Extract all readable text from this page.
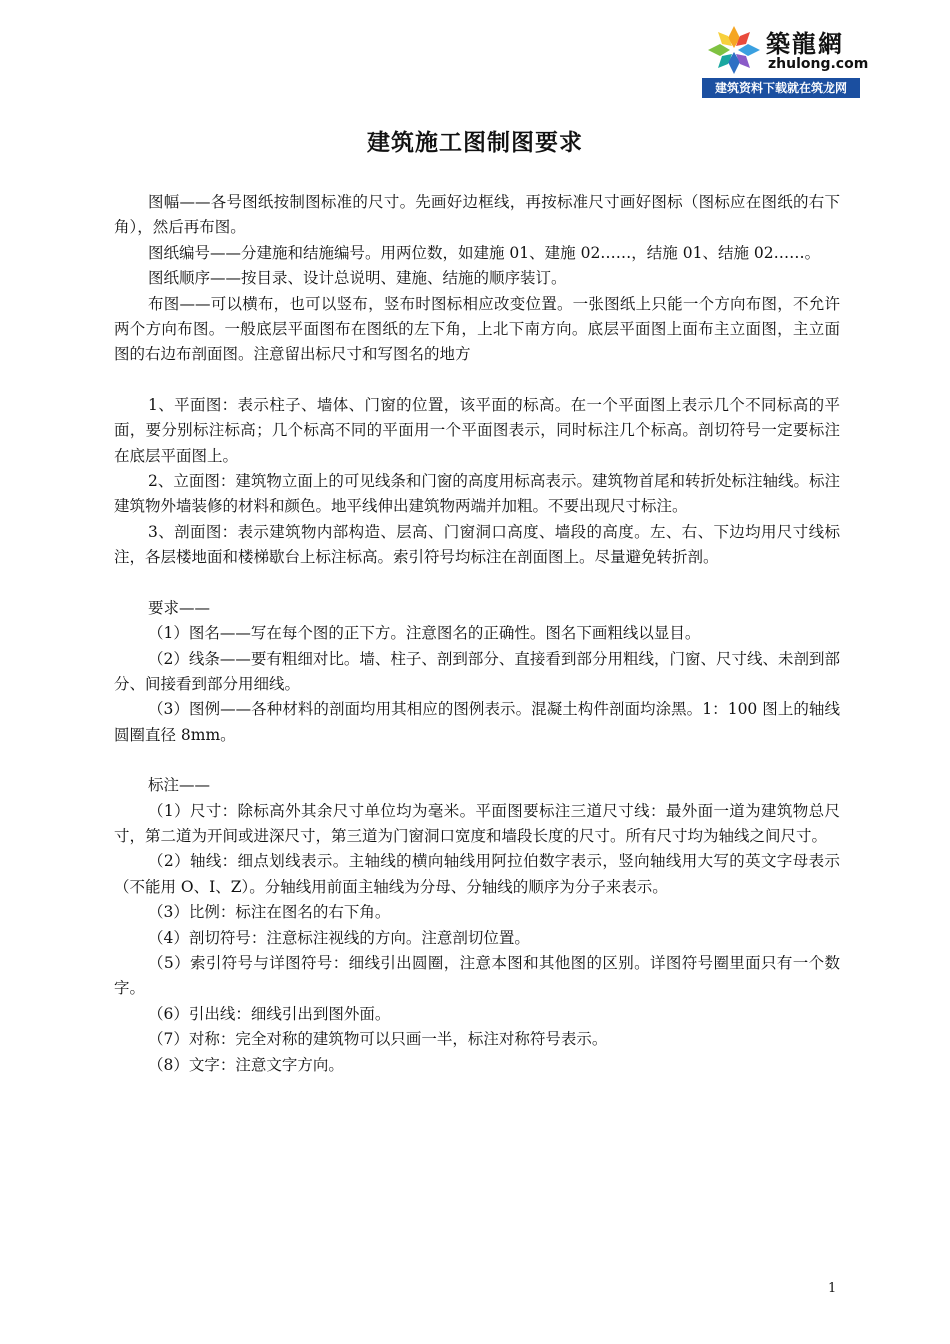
築龍網
zhulong.com
建筑资料下载就在筑龙网
建筑施工图制图要求

图幅——各号图纸按制图标准的尺寸。先画好边框线，再按标准尺寸画好图标（图标应在图纸的右下角），然后再布图。

图纸编号——分建施和结施编号。用两位数，如建施 01、建施 02……，结施 01、结施 02……。

图纸顺序——按目录、设计总说明、建施、结施的顺序装订。

布图——可以横布，也可以竖布，竖布时图标相应改变位置。一张图纸上只能一个方向布图，不允许两个方向布图。一般底层平面图布在图纸的左下角，上北下南方向。底层平面图上面布主立面图，主立面图的右边布剖面图。注意留出标尺寸和写图名的地方

1、平面图：表示柱子、墙体、门窗的位置，该平面的标高。在一个平面图上表示几个不同标高的平面，要分别标注标高；几个标高不同的平面用一个平面图表示，同时标注几个标高。剖切符号一定要标注在底层平面图上。

2、立面图：建筑物立面上的可见线条和门窗的高度用标高表示。建筑物首尾和转折处标注轴线。标注建筑物外墙装修的材料和颜色。地平线伸出建筑物两端并加粗。不要出现尺寸标注。

3、剖面图：表示建筑物内部构造、层高、门窗洞口高度、墙段的高度。左、右、下边均用尺寸线标注，各层楼地面和楼梯歇台上标注标高。索引符号均标注在剖面图上。尽量避免转折剖。

要求——

（1）图名——写在每个图的正下方。注意图名的正确性。图名下画粗线以显目。

（2）线条——要有粗细对比。墙、柱子、剖到部分、直接看到部分用粗线，门窗、尺寸线、未剖到部分、间接看到部分用细线。

（3）图例——各种材料的剖面均用其相应的图例表示。混凝土构件剖面均涂黑。1：100 图上的轴线圆圈直径 8mm。

标注——

（1）尺寸：除标高外其余尺寸单位均为毫米。平面图要标注三道尺寸线：最外面一道为建筑物总尺寸，第二道为开间或进深尺寸，第三道为门窗洞口宽度和墙段长度的尺寸。所有尺寸均为轴线之间尺寸。

（2）轴线：细点划线表示。主轴线的横向轴线用阿拉伯数字表示，竖向轴线用大写的英文字母表示（不能用 O、I、Z）。分轴线用前面主轴线为分母、分轴线的顺序为分子来表示。

（3）比例：标注在图名的右下角。

（4）剖切符号：注意标注视线的方向。注意剖切位置。

（5）索引符号与详图符号：细线引出圆圈，注意本图和其他图的区别。详图符号圈里面只有一个数字。

（6）引出线：细线引出到图外面。

（7）对称：完全对称的建筑物可以只画一半，标注对称符号表示。

（8）文字：注意文字方向。

1
